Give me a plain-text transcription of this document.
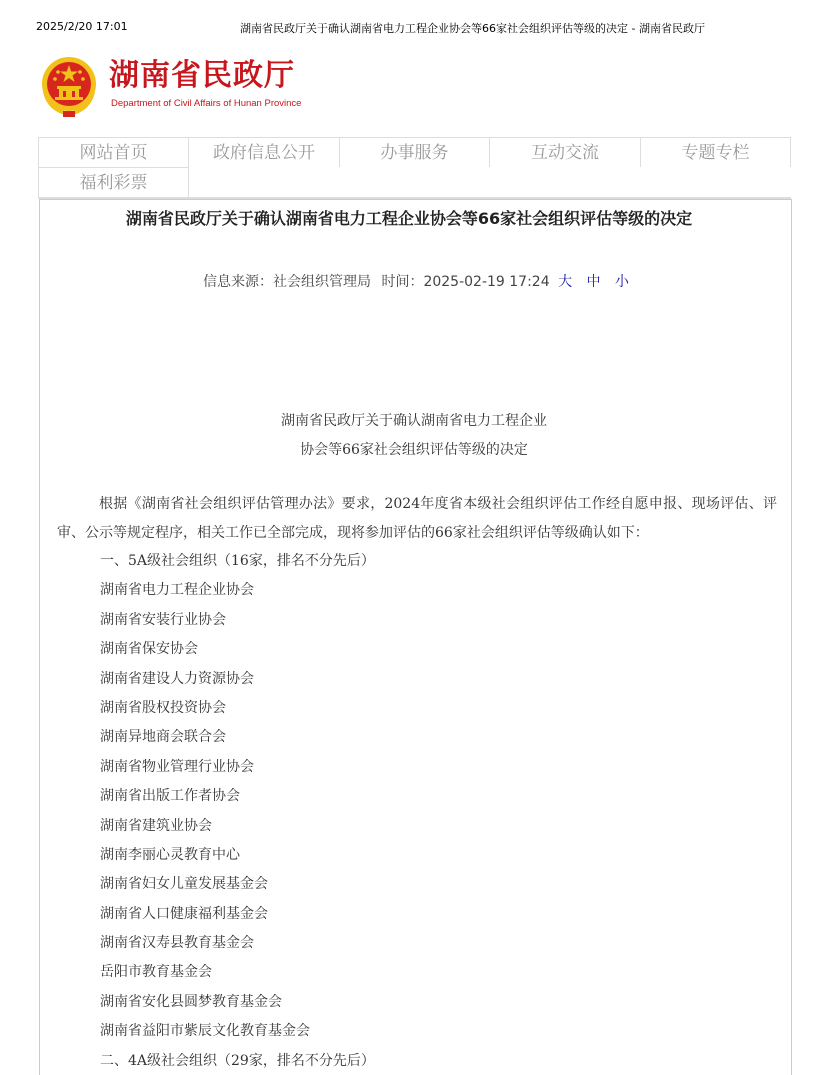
2025/2/20 17:01	湖南省民政厅关于确认湖南省电力工程企业协会等66家社会组织评估等级的决定 - 湖南省民政厅
湖南省民政厅
Department of Civil Affairs of Hunan Province
网站首页	政府信息公开	办事服务	互动交流	专题专栏
福利彩票
湖南省民政厅关于确认湖南省电力工程企业协会等66家社会组织评估等级的决定
信息来源：社会组织管理局 时间：2025-02-19 17:24 大 中 小
湖南省民政厅关于确认湖南省电力工程企业
协会等66家社会组织评估等级的决定

根据《湖南省社会组织评估管理办法》要求，2024年度省本级社会组织评估工作经自愿申报、现场评估、评审、公示等规定程序，相关工作已全部完成，现将参加评估的66家社会组织评估等级确认如下：

一、5A级社会组织（16家，排名不分先后）
湖南省电力工程企业协会
湖南省安装行业协会
湖南省保安协会
湖南省建设人力资源协会
湖南省股权投资协会
湖南异地商会联合会
湖南省物业管理行业协会
湖南省出版工作者协会
湖南省建筑业协会
湖南李丽心灵教育中心
湖南省妇女儿童发展基金会
湖南省人口健康福利基金会
湖南省汉寿县教育基金会
岳阳市教育基金会
湖南省安化县圆梦教育基金会
湖南省益阳市紫辰文化教育基金会
二、4A级社会组织（29家，排名不分先后）
